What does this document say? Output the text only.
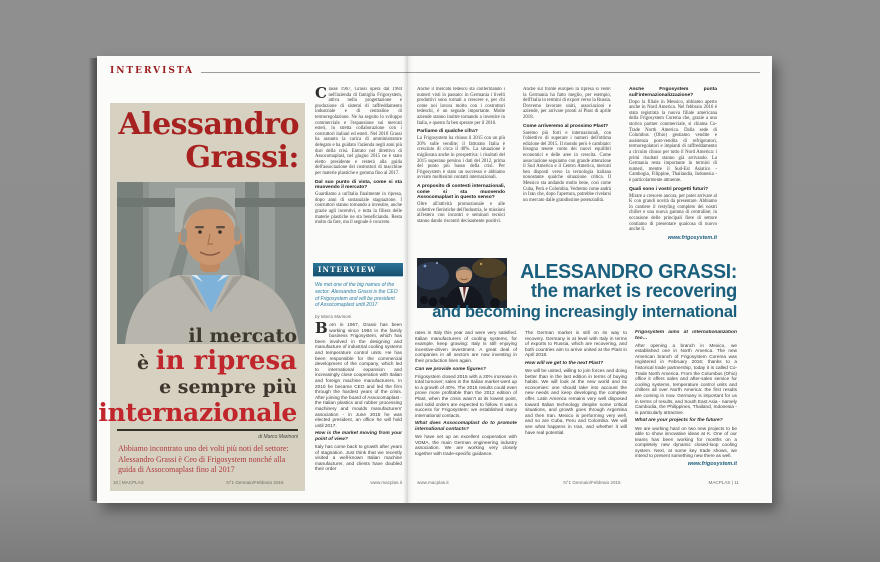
INTERVISTA
Alessandro
Grassi:
il mercato
è in ripresa
e sempre più
internazionale
di Marco Marinoni
Abbiamo incontrato uno dei volti più noti del settore: Alessandro Grassi è Ceo di Frigosystem nonché alla guida di Assocomaplast fino al 2017

Classe 1967, Grassi opera dal 1984 nell'azienda di famiglia Frigosystem, attiva nella progettazione e produzione di sistemi di raffreddamento industriale e di centraline di termoregolazione. Ne ha seguito lo sviluppo commerciale e l'espansione sui mercati esteri, in stretta collaborazione con i costruttori italiani ed esteri. Nel 2010 Grassi ha assunto la carica di amministratore delegato e ha guidato l'azienda negli anni più duri della crisi. Entrato nel direttivo di Assocomaplast, nel giugno 2015 ne è stato eletto presidente e resterà alla guida dell'associazione dei costruttori di macchine per materie plastiche e gomma fino al 2017.

Dal suo punto di vista, come si sta muovendo il mercato?

Guardiamo a un'Italia finalmente in ripresa, dopo anni di sostanziale stagnazione. I costruttori stanno tornando a investire, anche grazie agli incentivi, e tutta la filiera delle materie plastiche ne sta beneficiando. Resta molto da fare, ma il segnale è concreto.

Anche il mercato tedesco sta confermando i numeri visti in passato: in Germania i livelli produttivi sono tornati a crescere e, per chi come noi lavora molto con i costruttori tedeschi, è un segnale importante. Molte aziende stanno inoltre tornando a investire in Italia, e questo fa ben sperare per il 2016.

Parliamo di qualche cifra?

La Frigosystem ha chiuso il 2015 con un più 20% sulle vendite; il fatturato Italia è cresciuto di circa il 40%. La situazione è migliorata anche in prospettiva: i risultati del 2015 superano persino i dati del 2012, prima del punto più basso della crisi. Per Frigosystem è stato un successo e abbiamo avviato moltissimi contatti internazionali.

A proposito di contesti internazionali, come si sta muovendo Assocomaplast in questo senso?

Oltre all'attività promozionale e alle collettive fieristiche dell'industria, le missioni all'estero con incontri e seminari tecnici stanno dando riscontri decisamente positivi.

Anche sul fronte europeo la ripresa si vede: la Germania ha fatto meglio, per esempio, dell'Italia in termini di export verso la Russia. Dovremo lavorare uniti, associazioni e aziende, per arrivare pronti al Plast di aprile 2018.

Come arriveremo al prossimo Plast?

Saremo più forti e internazionali, con l'obiettivo di superare i numeri dell'ottima edizione del 2015. Il mondo però è cambiato: bisogna tenere conto dei nuovi equilibri economici e delle aree in crescita. Come associazione seguiamo con grande attenzione il Sud America e il Centro America, mercati ben disposti verso la tecnologia italiana nonostante qualche situazione critica. Il Messico sta andando molto bene, così come Cuba, Perù e Colombia. Vedremo come andrà in Iran che, dopo l'apertura, potrebbe rivelarsi un mercato dalle grandissime potenzialità.

Anche Frigosystem punta sull'internazionalizzazione?

Dopo la filiale in Messico, abbiamo aperto anche in Nord America. Nel febbraio 2016 è stata registrata la nuova filiale americana della Frigosystem Corema che, grazie a uno storico partner commerciale, si chiama Co-Trade North America. Dalla sede di Columbus (Ohio) gestiamo vendite e assistenza post-vendita di refrigeratori, termoregolatori e impianti di raffreddamento a circuito chiuso per tutto il Nord America: i primi risultati stanno già arrivando. La Germania resta importante in termini di numeri, mentre il Sud-Est Asiatico - Cambogia, Filippine, Thailandia, Indonesia - è particolarmente attraente.

Quali sono i vostri progetti futuri?

Mirare a crescere ancora, per poter arrivare al K con grandi novità da presentare. Abbiamo in cantiere il restyling completo dei nostri chiller e una nuova gamma di centraline; in occasione delle principali fiere di settore contiamo di presentare qualcosa di nuovo anche lì.

www.frigosystem.it
INTERVIEW
We met one of the big names of the sector: Alessandro Grassi is the CEO of Frigosystem and will be president of Assocomaplast until 2017
by Marco Marinoni

Born in 1967, Grassi has been working since 1984 in the family business Frigosystem, which has been involved in the designing and manufacture of industrial cooling systems and temperature control units. He has been responsible for the commercial development of the company, which led to international expansion and increasingly close cooperation with Italian and foreign machine manufacturers. In 2010 he became CEO and led the firm through the hardest years of the crisis. After joining the board of Assocomaplast - the Italian plastics and rubber processing machinery and moulds manufacturers' association - in June 2015 he was elected president, an office he will hold until 2017.

How is the market moving from your point of view?

Italy has come back to growth after years of stagnation. Just think that we recently visited a well-known Italian machine manufacturer, and clients have doubled their order

ALESSANDRO GRASSI:
the market is recovering
and becoming increasingly international

rates in Italy this year and were very satisfied. Italian manufacturers of cooling systems, for example, keep growing: Italy is still enjoying incentive-driven investment. A great deal of companies in all sectors are now investing in their production lines again.

Can we provide some figures?

Frigosystem closed 2015 with a 20% increase in total turnover; sales in the Italian market went up to a growth of 40%. The 2015 results could even prove more profitable than the 2012 edition of Plast, when the crisis wasn't at its lowest point, and solid orders are expected to follow. It was a success for Frigosystem: we established many international contacts.

What does Assocomaplast do to promote international contacts?

We have set up an excellent cooperation with VDMA, the main German engineering industry association. We are working very closely together with trade-specific guidance.

The German market is still on its way to recovery. Germany is at level with Italy in terms of exports to Russia, which are recovering, and both countries aim to arrive united at the Plast in April 2018.

How will we get to the next Plast?

We will be united, willing to join forces and doing better than in the last edition in terms of buying habits. We will look at the new world and its economies: one should take into account the new needs and keep developing the complete offer. Latin America remains very well disposed toward Italian technology despite some critical situations, and growth goes through Argentina and then Iran. Mexico is performing very well, and so are Cuba, Peru and Colombia. We will see what happens in Iran, and whether it will have real potential.

Frigosystem aims at internationalization too…

After opening a branch in Mexico, we established one in North America. The new American branch of Frigosystem Corema was registered in February 2016; thanks to a historical trade partnership, today it is called Co-Trade North America. From the Columbus (Ohio) office it offers sales and after-sales service for cooling systems, temperature control units and chillers all over North America: the first results are coming in now. Germany is important for us in terms of results, and South East Asia - namely Cambodia, the Philippines, Thailand, Indonesia - is particularly attractive.

What are your projects for the future?

We are working hard on two new projects to be able to show innovative ideas at K. One of our teams has been working for months on a completely new dynamic closed-loop cooling system. Next, at some key trade shows, we intend to present something new there as well.

www.frigosystem.it
10 | MACPLAS	N°1 Gennaio/Febbraio 2016	www.macplas.it	www.macplas.it	N°1 Gennaio/Febbraio 2016	MACPLAS | 11
